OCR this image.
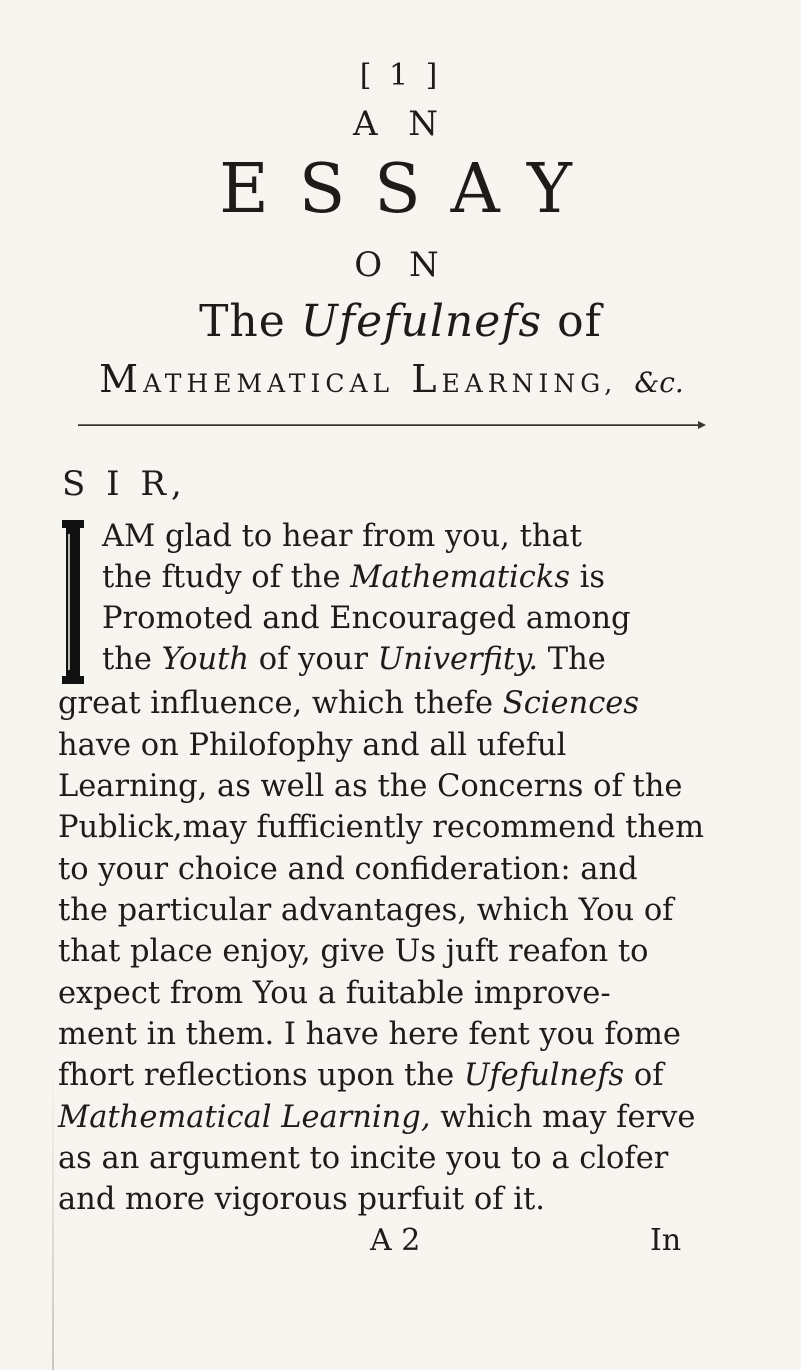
[ 1 ]
A N
ESSAY
O N
The Ufefulnefs of
MATHEMATICAL LEARNING, &c.
S I R,
AM glad to hear from you, that
the ftudy of the Mathematicks is
Promoted and Encouraged among
the Youth of your Univerfity. The
great influence, which thefe Sciences
have on Philofophy and all ufeful
Learning, as well as the Concerns of the
Publick,may fufficiently recommend them
to your choice and confideration: and
the particular advantages, which You of
that place enjoy, give Us juft reafon to
expect from You a fuitable improve-
ment in them. I have here fent you fome
fhort reflections upon the Ufefulnefs of
Mathematical Learning, which may ferve
as an argument to incite you to a clofer
and more vigorous purfuit of it.
A 2	In
